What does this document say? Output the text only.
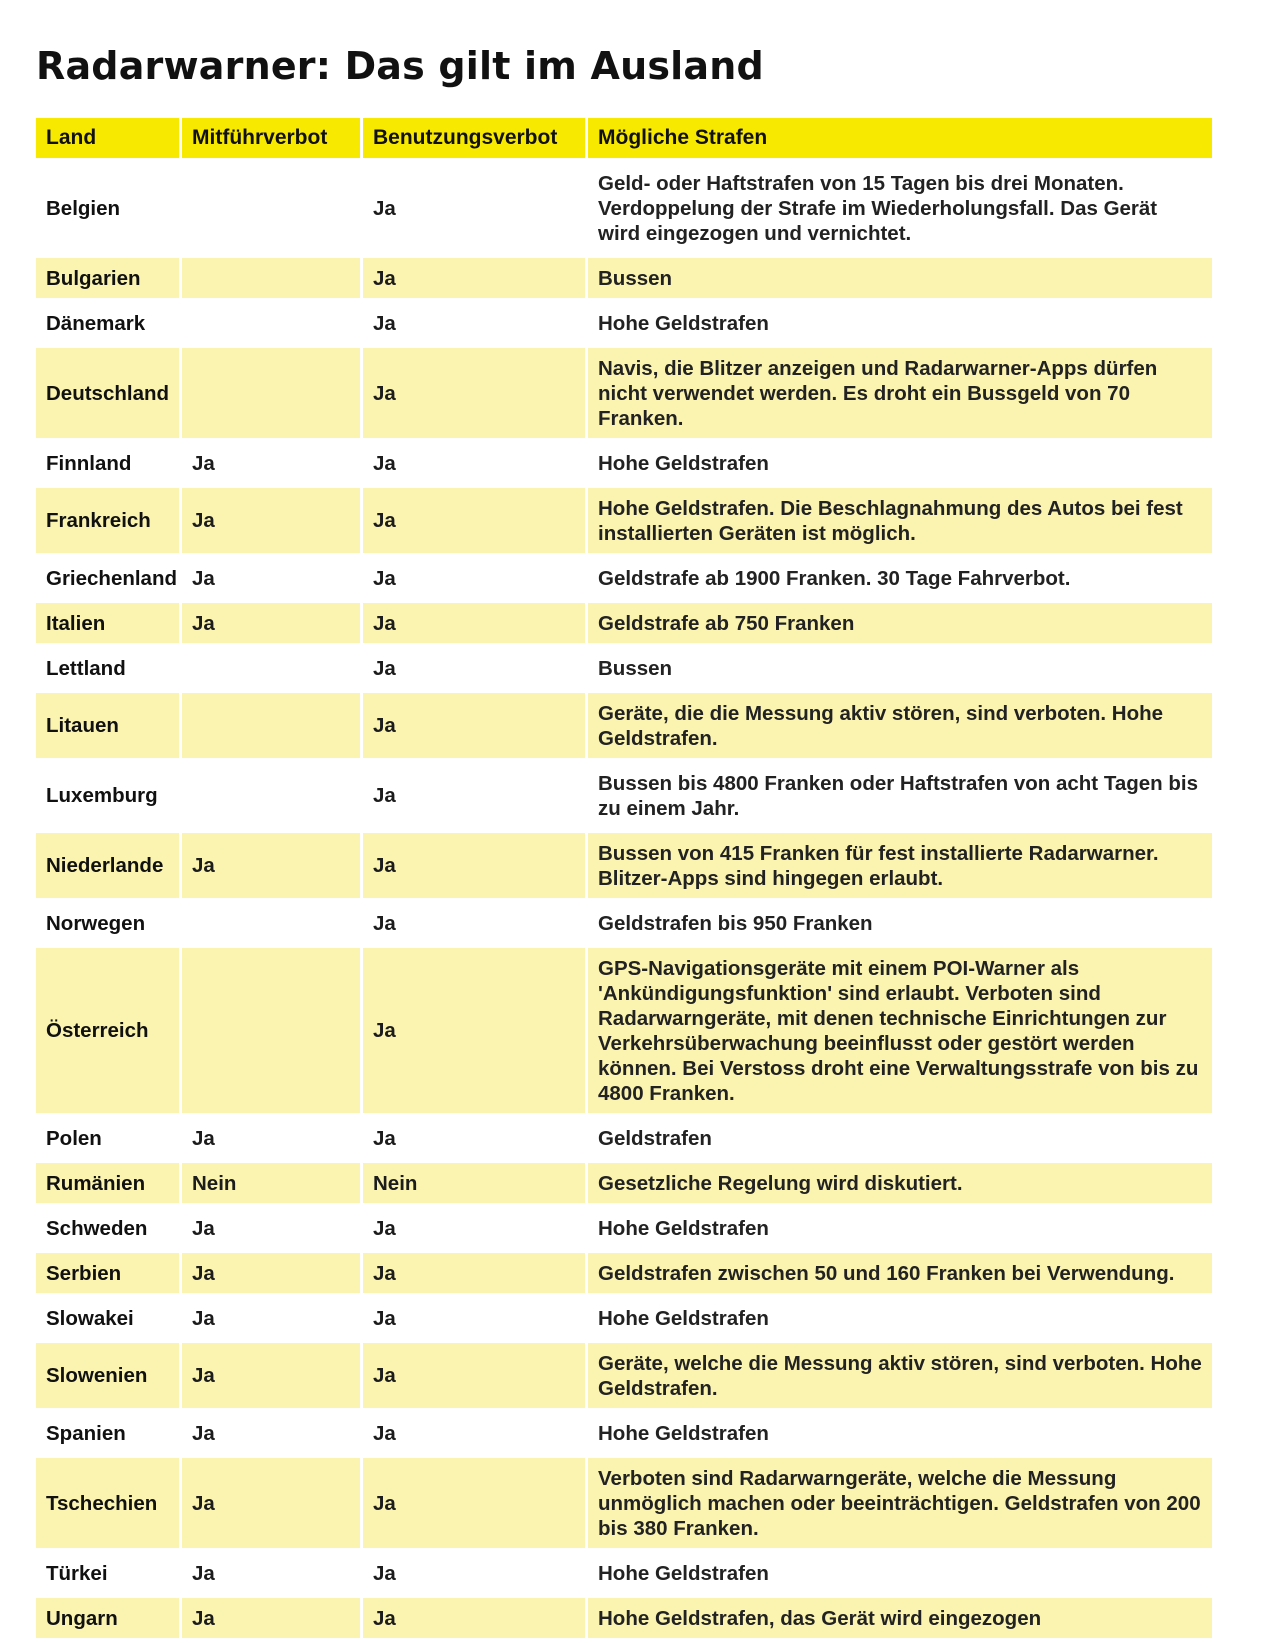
Radarwarner: Das gilt im Ausland
Land	Mitführverbot	Benutzungsverbot	Mögliche Strafen
Belgien		Ja	Geld- oder Haftstrafen von 15 Tagen bis drei Monaten. Verdoppelung der Strafe im Wiederholungsfall. Das Gerät wird eingezogen und vernichtet.
Bulgarien		Ja	Bussen
Dänemark		Ja	Hohe Geldstrafen
Deutschland		Ja	Navis, die Blitzer anzeigen und Radarwarner-Apps dürfen nicht verwendet werden. Es droht ein Bussgeld von 70 Franken.
Finnland	Ja	Ja	Hohe Geldstrafen
Frankreich	Ja	Ja	Hohe Geldstrafen. Die Beschlagnahmung des Autos bei fest installierten Geräten ist möglich.
Griechenland	Ja	Ja	Geldstrafe ab 1900 Franken. 30 Tage Fahrverbot.
Italien	Ja	Ja	Geldstrafe ab 750 Franken
Lettland		Ja	Bussen
Litauen		Ja	Geräte, die die Messung aktiv stören, sind verboten. Hohe Geldstrafen.
Luxemburg		Ja	Bussen bis 4800 Franken oder Haftstrafen von acht Tagen bis zu einem Jahr.
Niederlande	Ja	Ja	Bussen von 415 Franken für fest installierte Radarwarner. Blitzer-Apps sind hingegen erlaubt.
Norwegen		Ja	Geldstrafen bis 950 Franken
Österreich		Ja	GPS-Navigationsgeräte mit einem POI-Warner als 'Ankündigungsfunktion' sind erlaubt. Verboten sind Radarwarngeräte, mit denen technische Einrichtungen zur Verkehrsüberwachung beeinflusst oder gestört werden können. Bei Verstoss droht eine Verwaltungsstrafe von bis zu 4800 Franken.
Polen	Ja	Ja	Geldstrafen
Rumänien	Nein	Nein	Gesetzliche Regelung wird diskutiert.
Schweden	Ja	Ja	Hohe Geldstrafen
Serbien	Ja	Ja	Geldstrafen zwischen 50 und 160 Franken bei Verwendung.
Slowakei	Ja	Ja	Hohe Geldstrafen
Slowenien	Ja	Ja	Geräte, welche die Messung aktiv stören, sind verboten. Hohe Geldstrafen.
Spanien	Ja	Ja	Hohe Geldstrafen
Tschechien	Ja	Ja	Verboten sind Radarwarngeräte, welche die Messung unmöglich machen oder beeinträchtigen. Geldstrafen von 200 bis 380 Franken.
Türkei	Ja	Ja	Hohe Geldstrafen
Ungarn	Ja	Ja	Hohe Geldstrafen, das Gerät wird eingezogen
